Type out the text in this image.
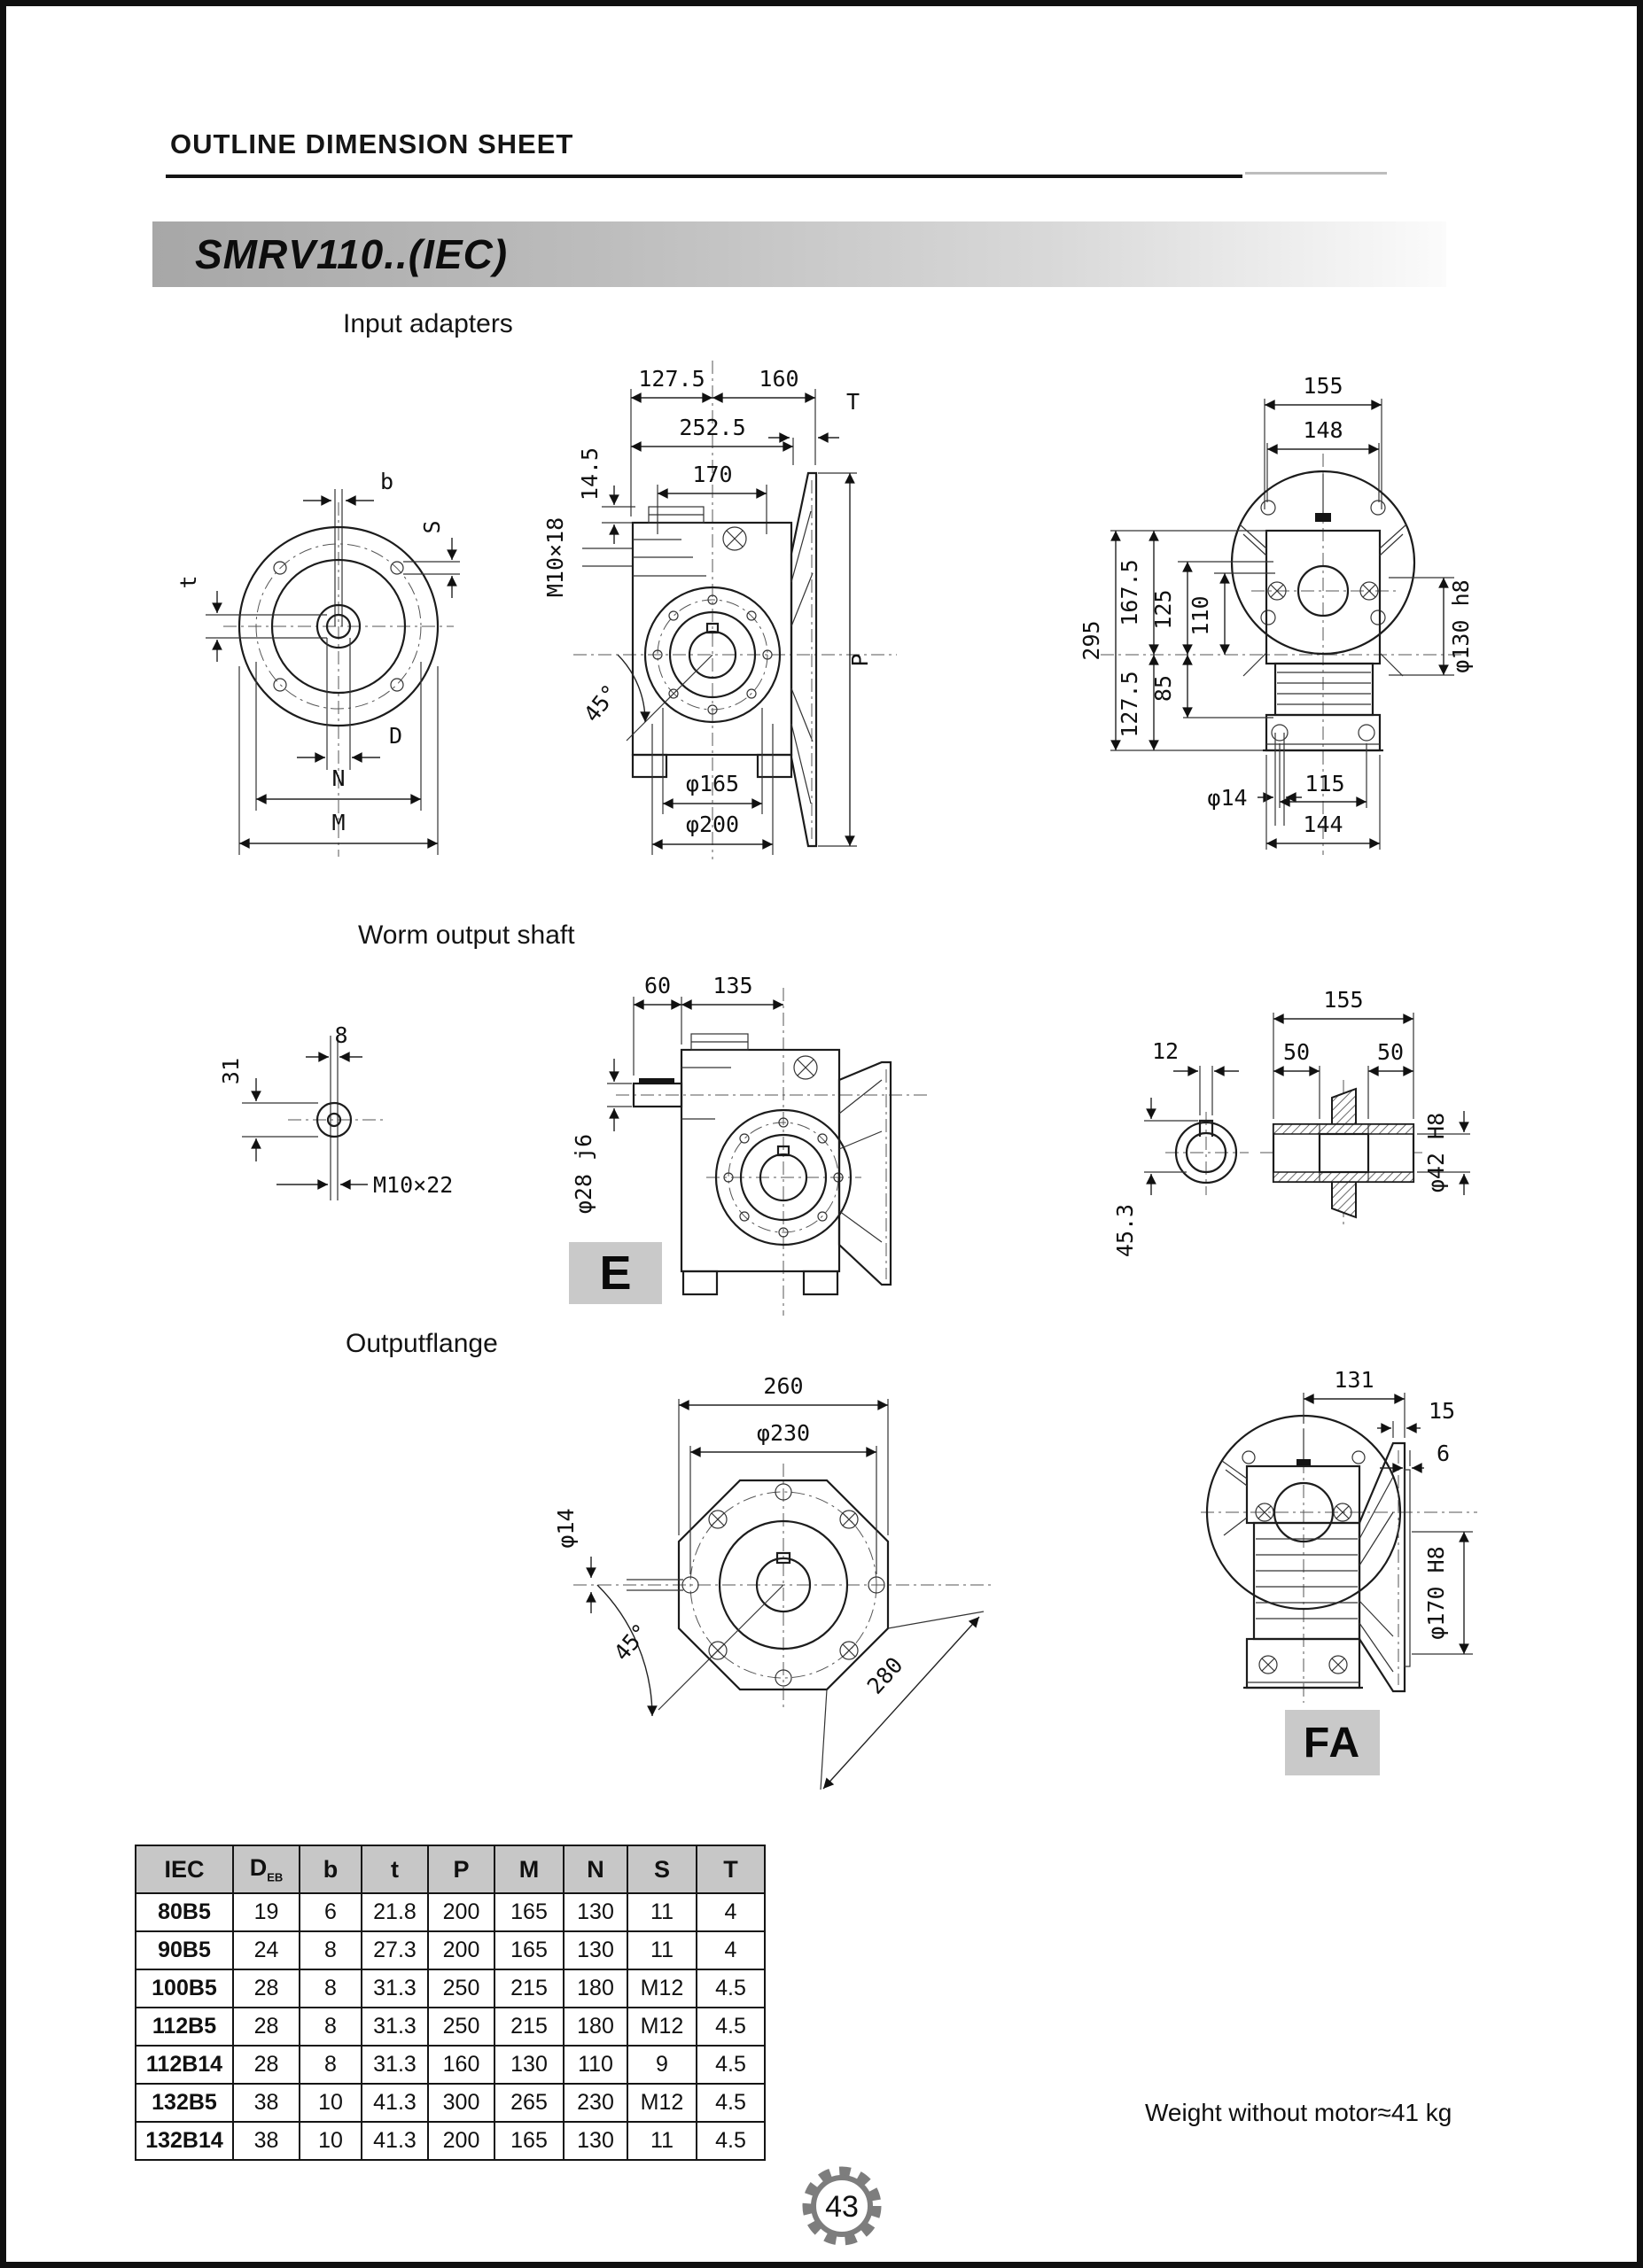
OUTLINE DIMENSION SHEET
SMRV110..(IEC)
Input adapters
Worm output shaft
Outputflange
b
S
t
D
N
M
127.5 160
252.5
170
T
14.5
M10×18
P
45°
φ165
φ200
155
148
295
167.5
127.5
125
85
110	φ130 h8
φ14
115
144
8
31
M10×22
60 135
φ28 j6
E
12
45.3
155
50	50
φ42 H8
260
φ230
φ14
45°
280
131
15
6
φ170 H8
FA
IEC	$D_{EB}$	b	t	P	M	N	S	T
80B5	19	6	21.8	200	165	130	11	4
90B5	24	8	27.3	200	165	130	11	4
100B5	28	8	31.3	250	215	180	M12	4.5
112B5	28	8	31.3	250	215	180	M12	4.5
112B14	28	8	31.3	160	130	110	9	4.5
132B5	38	10	41.3	300	265	230	M12	4.5
132B14	38	10	41.3	200	165	130	11	4.5
Weight without motor≈41 kg
43
